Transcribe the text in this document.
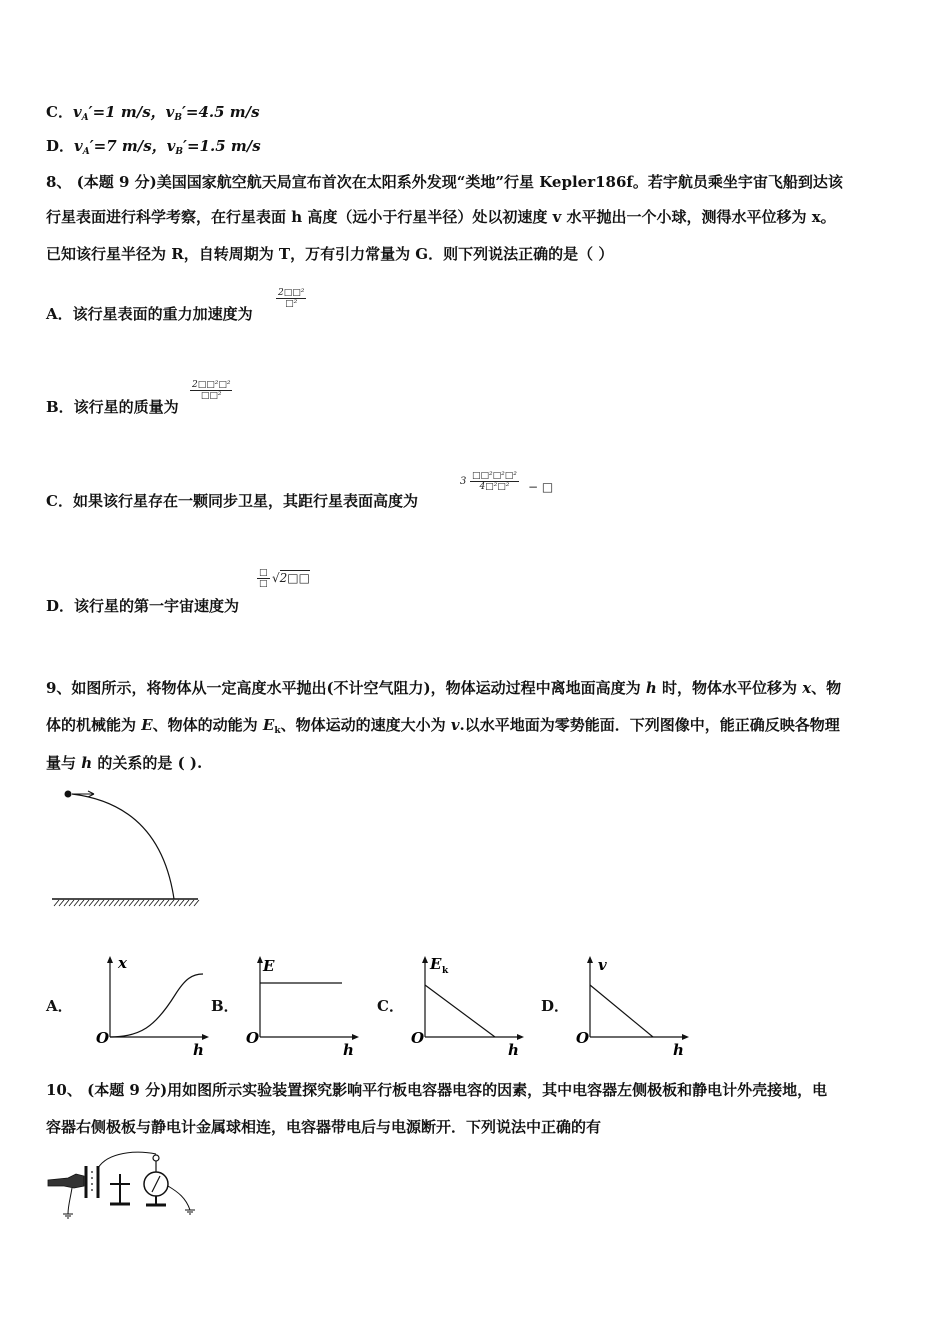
C．$v_A'=1$ m/s，$v_B'=4.5$ m/s
D．$v_A'=7$ m/s，$v_B'=1.5$ m/s
8、 (本题 9 分)美国国家航空航天局宣布首次在太阳系外发现“类地”行星 Kepler186f。若宇航员乘坐宇宙飞船到达该
行星表面进行科学考察，在行星表面 h 高度（远小于行星半径）处以初速度 v 水平抛出一个小球，测得水平位移为 x。
已知该行星半径为 R，自转周期为 T，万有引力常量为 G．则下列说法正确的是（ ）
A．该行星表面的重力加速度为
2□□²
□²
B．该行星的质量为
2□□²□²
□□²
C．如果该行星存在一颗同步卫星，其距行星表面高度为
3 □□²□²□²
4□²□²	− □
D．该行星的第一宇宙速度为
□
□ √2□□
9、如图所示，将物体从一定高度水平抛出(不计空气阻力)，物体运动过程中离地面高度为 h 时，物体水平位移为 x、物
体的机械能为 E、物体的动能为 $E_k$、物体运动的速度大小为 v.以水平地面为零势能面．下列图像中，能正确反映各物理
量与 h 的关系的是 ( ).
A．
x
h
O
B．
E
h
O
C．
E k
h
O
D．
v
h
O
10、 (本题 9 分)用如图所示实验装置探究影响平行板电容器电容的因素，其中电容器左侧极板和静电计外壳接地，电
容器右侧极板与静电计金属球相连，电容器带电后与电源断开．下列说法中正确的有
